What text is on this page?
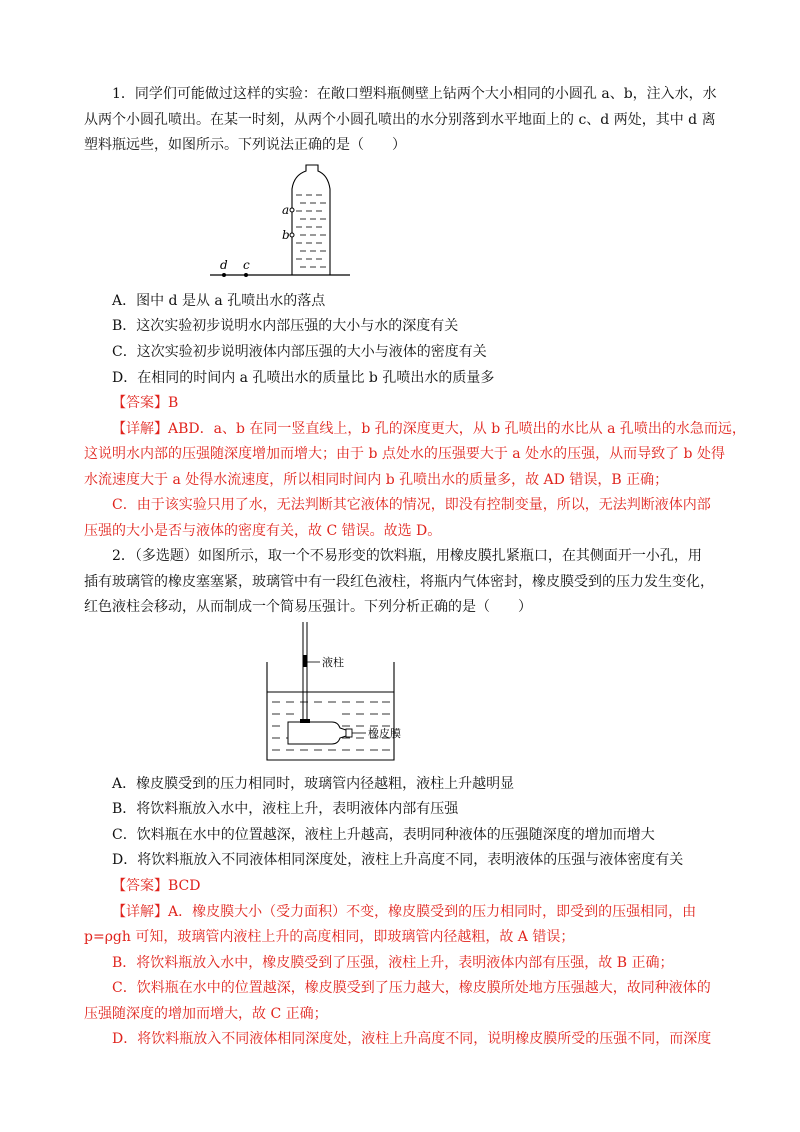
1．同学们可能做过这样的实验：在敞口塑料瓶侧壁上钻两个大小相同的小圆孔 a、b，注入水，水
从两个小圆孔喷出。在某一时刻，从两个小圆孔喷出的水分别落到水平地面上的 c、d 两处，其中 d 离
塑料瓶远些，如图所示。下列说法正确的是（　　）
a
b
d c
A．图中 d 是从 a 孔喷出水的落点
B．这次实验初步说明水内部压强的大小与水的深度有关
C．这次实验初步说明液体内部压强的大小与液体的密度有关
D．在相同的时间内 a 孔喷出水的质量比 b 孔喷出水的质量多
【答案】B
【详解】ABD．a、b 在同一竖直线上，b 孔的深度更大，从 b 孔喷出的水比从 a 孔喷出的水急而远，
这说明水内部的压强随深度增加而增大；由于 b 点处水的压强要大于 a 处水的压强，从而导致了 b 处得
水流速度大于 a 处得水流速度，所以相同时间内 b 孔喷出水的质量多，故 AD 错误，B 正确；
C．由于该实验只用了水，无法判断其它液体的情况，即没有控制变量，所以，无法判断液体内部
压强的大小是否与液体的密度有关，故 C 错误。故选 D。
2．（多选题）如图所示，取一个不易形变的饮料瓶，用橡皮膜扎紧瓶口，在其侧面开一小孔，用
插有玻璃管的橡皮塞塞紧，玻璃管中有一段红色液柱，将瓶内气体密封，橡皮膜受到的压力发生变化，
红色液柱会移动，从而制成一个简易压强计。下列分析正确的是（　　）
液柱
橡皮膜
A．橡皮膜受到的压力相同时，玻璃管内径越粗，液柱上升越明显
B．将饮料瓶放入水中，液柱上升，表明液体内部有压强
C．饮料瓶在水中的位置越深，液柱上升越高，表明同种液体的压强随深度的增加而增大
D．将饮料瓶放入不同液体相同深度处，液柱上升高度不同，表明液体的压强与液体密度有关
【答案】BCD
【详解】A．橡皮膜大小（受力面积）不变，橡皮膜受到的压力相同时，即受到的压强相同，由
p=ρgh 可知，玻璃管内液柱上升的高度相同，即玻璃管内径越粗，故 A 错误；
B．将饮料瓶放入水中，橡皮膜受到了压强，液柱上升，表明液体内部有压强，故 B 正确；
C．饮料瓶在水中的位置越深，橡皮膜受到了压力越大，橡皮膜所处地方压强越大，故同种液体的
压强随深度的增加而增大，故 C 正确；
D．将饮料瓶放入不同液体相同深度处，液柱上升高度不同，说明橡皮膜所受的压强不同，而深度
